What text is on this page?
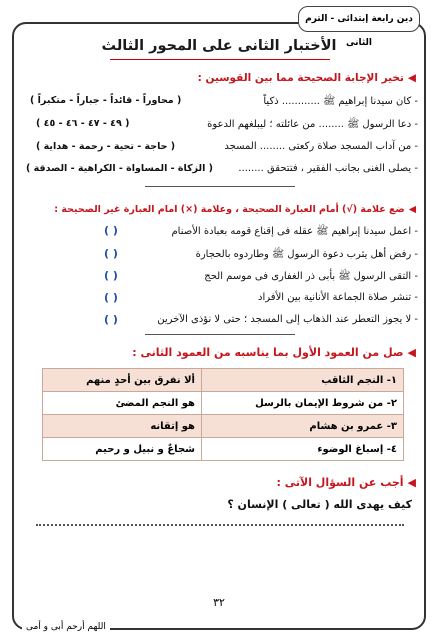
دين رابعة إبتدائى - الترم الثانى
الأختبار الثانى على المحور الثالث
◀تخير الإجابة الصحيحة مما بين القوسين :
- كان سيدنا إبراهيم ﷺ ............ ذكياً
( محاوراً - قائداً - جباراً - متكبراً )
- دعا الرسول ﷺ ........ من عائلته ؛ ليبلغهم الدعوة
( ٤٩ - ٤٧ - ٤٦ - ٤٥ )
- من آداب المسجد صلاة ركعتى ........ المسجد
( حاجة - تحية - رحمة - هداية )
- يصلى الغنى بجانب الفقير ، فتتحقق ........
( الزكاة - المساواة - الكراهية - الصدقة )
◀ضع علامة (√) أمام العبارة الصحيحة ، وعلامة (×) امام العبارة غير الصحيحة :
- اعمل سيدنا إبراهيم ﷺ عقله فى إقناع قومه بعبادة الأصنام
( )
- رفض أهل يثرب دعوة الرسول ﷺ وطاردوه بالحجارة
( )
- التقى الرسول ﷺ بأبى ذر الغفارى فى موسم الحج
( )
- تنشر صلاة الجماعة الأنانية بين الأفراد
( )
- لا يجوز التعطر عند الذهاب إلى المسجد ؛ حتى لا نؤذى الآخرين
( )
◀صل من العمود الأول بما يناسبه من العمود الثانى :
١- النجم الثاقب	ألا نفرق بين أحدٍ منهم
٢- من شروط الإيمان بالرسل	هو النجم المضئ
٣- عمرو بن هشام	هو إتقانه
٤- إسباغ الوضوء	شجاعٌ و نبيل و رحيم
◀أجب عن السؤال الآتى :
كيف يهدى الله ( تعالى ) الإنسان ؟
٣٢
اللهم أرحم أبى و أمى
